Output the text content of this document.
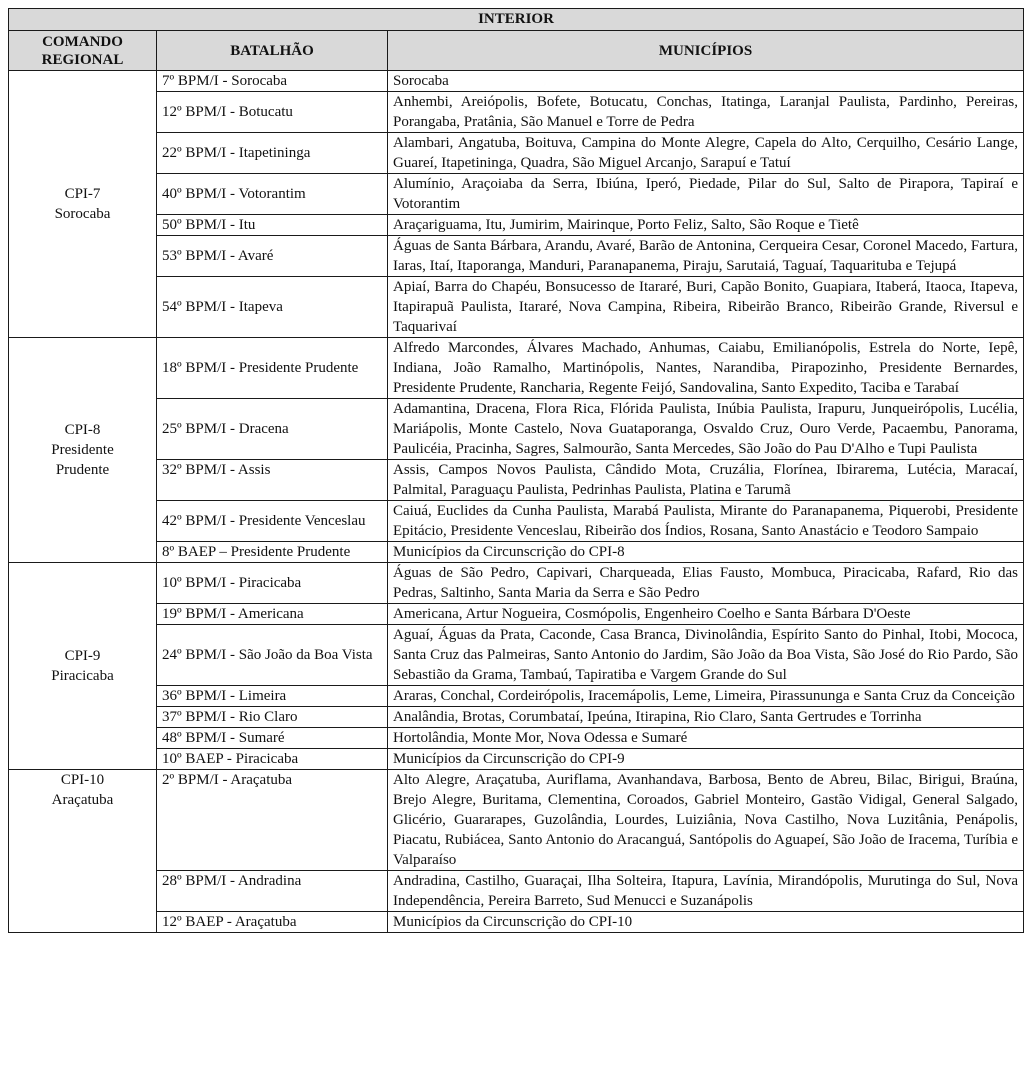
INTERIOR		

COMANDO
REGIONAL	BATALHÃO	MUNICÍPIOS

CPI-7
Sorocaba	7º BPM/I - Sorocaba	Sorocaba
	12º BPM/I - Botucatu	Anhembi, Areiópolis, Bofete, Botucatu, Conchas, Itatinga, Laranjal Paulista, Pardinho, Pereiras, Porangaba, Pratânia, São Manuel e Torre de Pedra
	22º BPM/I - Itapetininga	Alambari, Angatuba, Boituva, Campina do Monte Alegre, Capela do Alto, Cerquilho, Cesário Lange, Guareí, Itapetininga, Quadra, São Miguel Arcanjo, Sarapuí e Tatuí
	40º BPM/I - Votorantim	Alumínio, Araçoiaba da Serra, Ibiúna, Iperó, Piedade, Pilar do Sul, Salto de Pirapora, Tapiraí e Votorantim
	50º BPM/I - Itu	Araçariguama, Itu, Jumirim, Mairinque, Porto Feliz, Salto, São Roque e Tietê
	53º BPM/I - Avaré	Águas de Santa Bárbara, Arandu, Avaré, Barão de Antonina, Cerqueira Cesar, Coronel Macedo, Fartura, Iaras, Itaí, Itaporanga, Manduri, Paranapanema, Piraju, Sarutaiá, Taguaí, Taquarituba e Tejupá
	54º BPM/I - Itapeva	Apiaí, Barra do Chapéu, Bonsucesso de Itararé, Buri, Capão Bonito, Guapiara, Itaberá, Itaoca, Itapeva, Itapirapuã Paulista, Itararé, Nova Campina, Ribeira, Ribeirão Branco, Ribeirão Grande, Riversul e Taquarivaí

CPI-8
Presidente
Prudente
	18º BPM/I - Presidente Prudente	Alfredo Marcondes, Álvares Machado, Anhumas, Caiabu, Emilianópolis, Estrela do Norte, Iepê, Indiana, João Ramalho, Martinópolis, Nantes, Narandiba, Pirapozinho, Presidente Bernardes, Presidente Prudente, Rancharia, Regente Feijó, Sandovalina, Santo Expedito, Taciba e Tarabaí
	25º BPM/I - Dracena	Adamantina, Dracena, Flora Rica, Flórida Paulista, Inúbia Paulista, Irapuru, Junqueirópolis, Lucélia, Mariápolis, Monte Castelo, Nova Guataporanga, Osvaldo Cruz, Ouro Verde, Pacaembu, Panorama, Paulicéia, Pracinha, Sagres, Salmourão, Santa Mercedes, São João do Pau D'Alho e Tupi Paulista
	32º BPM/I - Assis	Assis, Campos Novos Paulista, Cândido Mota, Cruzália, Florínea, Ibirarema, Lutécia, Maracaí, Palmital, Paraguaçu Paulista, Pedrinhas Paulista, Platina e Tarumã
	42º BPM/I - Presidente Venceslau	Caiuá, Euclides da Cunha Paulista, Marabá Paulista, Mirante do Paranapanema, Piquerobi, Presidente Epitácio, Presidente Venceslau, Ribeirão dos Índios, Rosana, Santo Anastácio e Teodoro Sampaio
	8º BAEP – Presidente Prudente	Municípios da Circunscrição do CPI-8

CPI-9
Piracicaba	10º BPM/I - Piracicaba	Águas de São Pedro, Capivari, Charqueada, Elias Fausto, Mombuca, Piracicaba, Rafard, Rio das Pedras, Saltinho, Santa Maria da Serra e São Pedro
	19º BPM/I - Americana	Americana, Artur Nogueira, Cosmópolis, Engenheiro Coelho e Santa Bárbara D'Oeste
	24º BPM/I - São João da Boa Vista	Aguaí, Águas da Prata, Caconde, Casa Branca, Divinolândia, Espírito Santo do Pinhal, Itobi, Mococa, Santa Cruz das Palmeiras, Santo Antonio do Jardim, São João da Boa Vista, São José do Rio Pardo, São Sebastião da Grama, Tambaú, Tapiratiba e Vargem Grande do Sul
	36º BPM/I - Limeira	Araras, Conchal, Cordeirópolis, Iracemápolis, Leme, Limeira, Pirassununga e Santa Cruz da Conceição
	37º BPM/I - Rio Claro	Analândia, Brotas, Corumbataí, Ipeúna, Itirapina, Rio Claro, Santa Gertrudes e Torrinha
	48º BPM/I - Sumaré	Hortolândia, Monte Mor, Nova Odessa e Sumaré
	10º BAEP - Piracicaba	Municípios da Circunscrição do CPI-9

CPI-10
Araçatuba	2º BPM/I - Araçatuba	Alto Alegre, Araçatuba, Auriflama, Avanhandava, Barbosa, Bento de Abreu, Bilac, Birigui, Braúna, Brejo Alegre, Buritama, Clementina, Coroados, Gabriel Monteiro, Gastão Vidigal, General Salgado, Glicério, Guararapes, Guzolândia, Lourdes, Luiziânia, Nova Castilho, Nova Luzitânia, Penápolis, Piacatu, Rubiácea, Santo Antonio do Aracanguá, Santópolis do Aguapeí, São João de Iracema, Turíbia e Valparaíso
	28º BPM/I - Andradina	Andradina, Castilho, Guaraçai, Ilha Solteira, Itapura, Lavínia, Mirandópolis, Murutinga do Sul, Nova Independência, Pereira Barreto, Sud Menucci e Suzanápolis
	12º BAEP - Araçatuba	Municípios da Circunscrição do CPI-10
